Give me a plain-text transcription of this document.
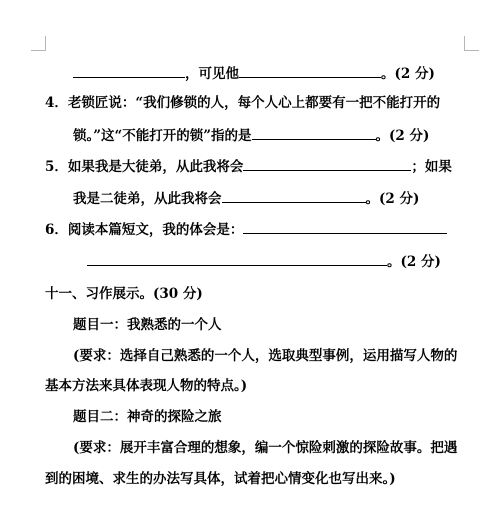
，可见他	。(2 分)
4．老锁匠说：“我们修锁的人，每个人心上都要有一把不能打开的
锁。”这“不能打开的锁”指的是	。(2 分)
5．如果我是大徒弟，从此我将会	；如果
我是二徒弟，从此我将会	。(2 分)
6．阅读本篇短文，我的体会是：
。(2 分)
十一、习作展示。(30 分)
题目一：我熟悉的一个人
(要求：选择自己熟悉的一个人，选取典型事例，运用描写人物的
基本方法来具体表现人物的特点。)
题目二：神奇的探险之旅
(要求：展开丰富合理的想象，编一个惊险刺激的探险故事。把遇
到的困境、求生的办法写具体，试着把心情变化也写出来。)
